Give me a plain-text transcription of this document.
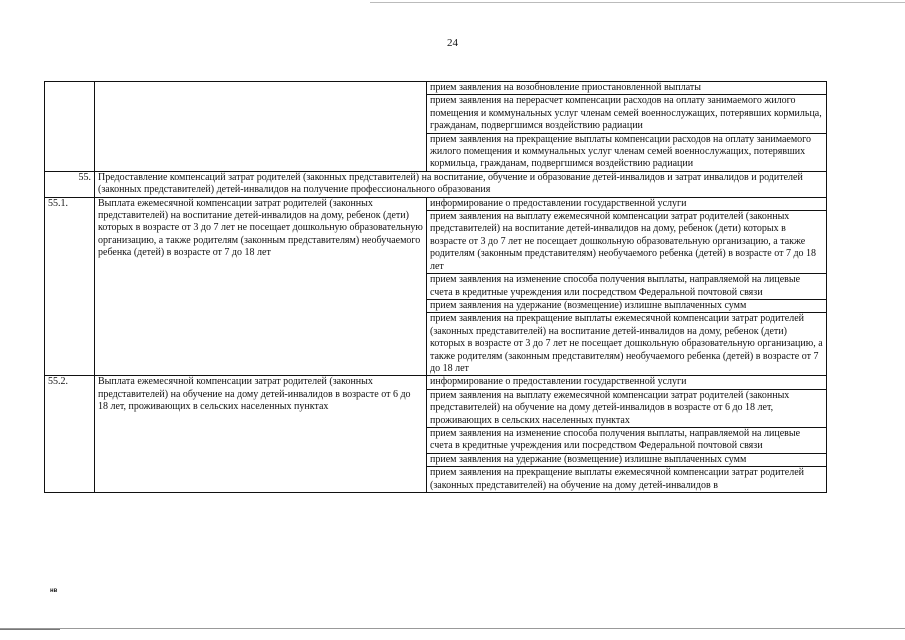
24
		прием заявления на возобновление приостановленной выплаты
		прием заявления на перерасчет компенсации расходов на оплату занимаемого жилого помещения и коммунальных услуг членам семей военнослужащих, потерявших кормильца, гражданам, подвергшимся воздействию радиации
		прием заявления на прекращение выплаты компенсации расходов на оплату занимаемого жилого помещения и коммунальных услуг членам семей военнослужащих, потерявших кормильца, гражданам, подвергшимся воздействию радиации
55.	Предоставление компенсаций затрат родителей (законных представителей) на воспитание, обучение и образование детей-инвалидов и затрат инвалидов и родителей (законных представителей) детей-инвалидов на получение профессионального образования	
55.1.	Выплата ежемесячной компенсации затрат родителей (законных представителей) на воспитание детей-инвалидов на дому, ребенок (дети) которых в возрасте от 3 до 7 лет не посещает дошкольную образовательную организацию, а также родителям (законным представителям) необучаемого ребенка (детей) в возрасте от 7 до 18 лет	информирование о предоставлении государственной услуги
		прием заявления на выплату ежемесячной компенсации затрат родителей (законных представителей) на воспитание детей-инвалидов на дому, ребенок (дети) которых в возрасте от 3 до 7 лет не посещает дошкольную образовательную организацию, а также родителям (законным представителям) необучаемого ребенка (детей) в возрасте от 7 до 18 лет
		прием заявления на изменение способа получения выплаты, направляемой на лицевые счета в кредитные учреждения или посредством Федеральной почтовой связи
		прием заявления на удержание (возмещение) излишне выплаченных сумм
		прием заявления на прекращение выплаты ежемесячной компенсации затрат родителей (законных представителей) на воспитание детей-инвалидов на дому, ребенок (дети) которых в возрасте от 3 до 7 лет не посещает дошкольную образовательную организацию, а также родителям (законным представителям) необучаемого ребенка (детей) в возрасте от 7 до 18 лет
55.2.	Выплата ежемесячной компенсации затрат родителей (законных представителей) на обучение на дому детей-инвалидов в возрасте от 6 до 18 лет, проживающих в сельских населенных пунктах	информирование о предоставлении государственной услуги
		прием заявления на выплату ежемесячной компенсации затрат родителей (законных представителей) на обучение на дому детей-инвалидов в возрасте от 6 до 18 лет, проживающих в сельских населенных пунктах
		прием заявления на изменение способа получения выплаты, направляемой на лицевые счета в кредитные учреждения или посредством Федеральной почтовой связи
		прием заявления на удержание (возмещение) излишне выплаченных сумм
		прием заявления на прекращение выплаты ежемесячной компенсации затрат родителей (законных представителей) на обучение на дому детей-инвалидов в
нв
